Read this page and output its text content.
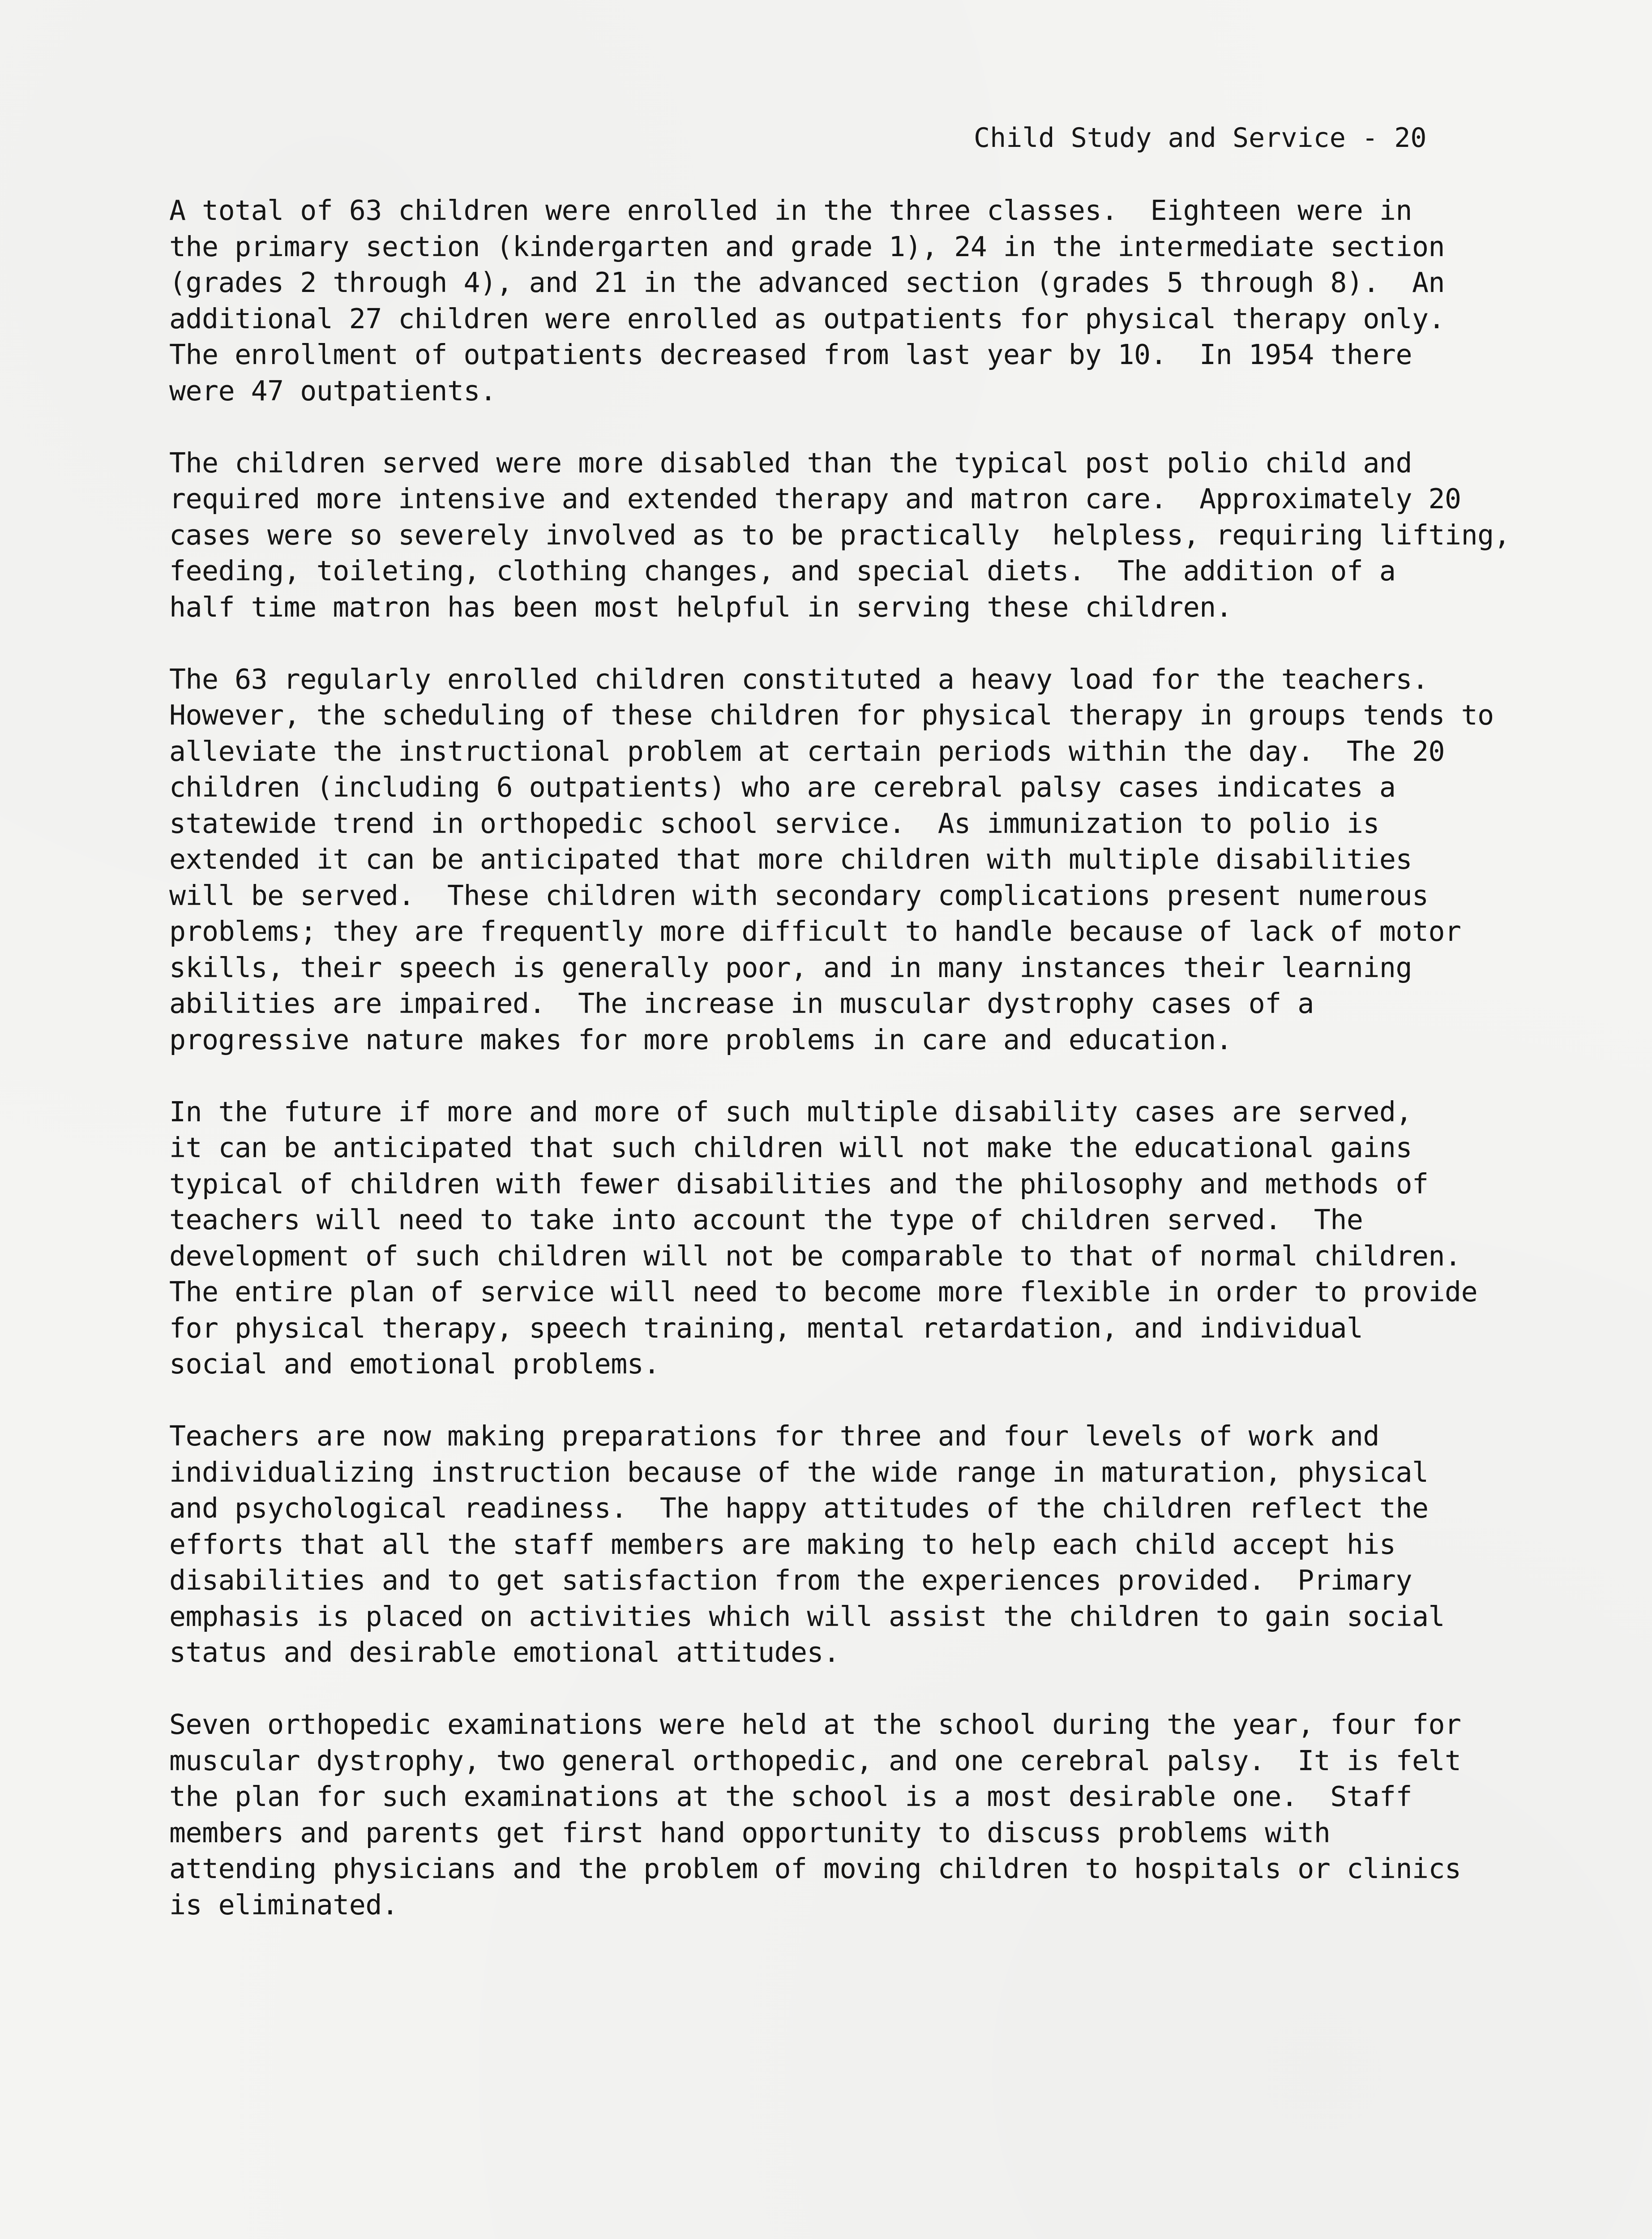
Child Study and Service - 20
A total of 63 children were enrolled in the three classes.  Eighteen were in
the primary section (kindergarten and grade 1), 24 in the intermediate section
(grades 2 through 4), and 21 in the advanced section (grades 5 through 8).  An
additional 27 children were enrolled as outpatients for physical therapy only.
The enrollment of outpatients decreased from last year by 10.  In 1954 there
were 47 outpatients.
The children served were more disabled than the typical post polio child and
required more intensive and extended therapy and matron care.  Approximately 20
cases were so severely involved as to be practically  helpless, requiring lifting,
feeding, toileting, clothing changes, and special diets.  The addition of a
half time matron has been most helpful in serving these children.
The 63 regularly enrolled children constituted a heavy load for the teachers.
However, the scheduling of these children for physical therapy in groups tends to
alleviate the instructional problem at certain periods within the day.  The 20
children (including 6 outpatients) who are cerebral palsy cases indicates a
statewide trend in orthopedic school service.  As immunization to polio is
extended it can be anticipated that more children with multiple disabilities
will be served.  These children with secondary complications present numerous
problems; they are frequently more difficult to handle because of lack of motor
skills, their speech is generally poor, and in many instances their learning
abilities are impaired.  The increase in muscular dystrophy cases of a
progressive nature makes for more problems in care and education.
In the future if more and more of such multiple disability cases are served,
it can be anticipated that such children will not make the educational gains
typical of children with fewer disabilities and the philosophy and methods of
teachers will need to take into account the type of children served.  The
development of such children will not be comparable to that of normal children.
The entire plan of service will need to become more flexible in order to provide
for physical therapy, speech training, mental retardation, and individual
social and emotional problems.
Teachers are now making preparations for three and four levels of work and
individualizing instruction because of the wide range in maturation, physical
and psychological readiness.  The happy attitudes of the children reflect the
efforts that all the staff members are making to help each child accept his
disabilities and to get satisfaction from the experiences provided.  Primary
emphasis is placed on activities which will assist the children to gain social
status and desirable emotional attitudes.
Seven orthopedic examinations were held at the school during the year, four for
muscular dystrophy, two general orthopedic, and one cerebral palsy.  It is felt
the plan for such examinations at the school is a most desirable one.  Staff
members and parents get first hand opportunity to discuss problems with
attending physicians and the problem of moving children to hospitals or clinics
is eliminated.
